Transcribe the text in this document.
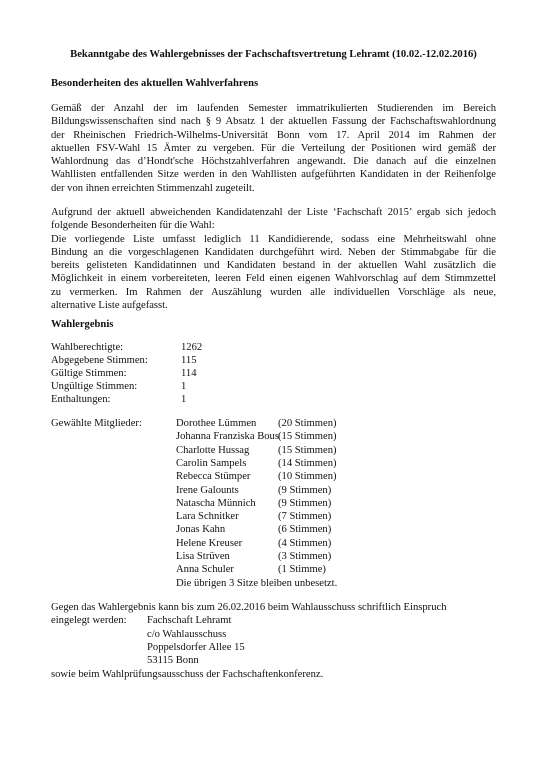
Bekanntgabe des Wahlergebnisses der Fachschaftsvertretung Lehramt (10.02.-12.02.2016)
Besonderheiten des aktuellen Wahlverfahrens
Gemäß der Anzahl der im laufenden Semester immatrikulierten Studierenden im Bereich
Bildungswissenschaften sind nach § 9 Absatz 1 der aktuellen Fassung der Fachschaftswahlordnung
der Rheinischen Friedrich-Wilhelms-Universität Bonn vom 17. April 2014 im Rahmen der
aktuellen FSV-Wahl 15 Ämter zu vergeben. Für die Verteilung der Positionen wird gemäß der
Wahlordnung das d’Hondt'sche Höchstzahlverfahren angewandt. Die danach auf die einzelnen
Wahllisten entfallenden Sitze werden in den Wahllisten aufgeführten Kandidaten in der Reihenfolge
der von ihnen erreichten Stimmenzahl zugeteilt.
Aufgrund der aktuell abweichenden Kandidatenzahl der Liste ‘Fachschaft 2015’ ergab sich jedoch
folgende Besonderheiten für die Wahl:
Die vorliegende Liste umfasst lediglich 11 Kandidierende, sodass eine Mehrheitswahl ohne
Bindung an die vorgeschlagenen Kandidaten durchgeführt wird. Neben der Stimmabgabe für die
bereits gelisteten Kandidatinnen und Kandidaten bestand in der aktuellen Wahl zusätzlich die
Möglichkeit in einem vorbereiteten, leeren Feld einen eigenen Wahlvorschlag auf dem Stimmzettel
zu vermerken. Im Rahmen der Auszählung wurden alle individuellen Vorschläge als neue,
alternative Liste aufgefasst.
Wahlergebnis
Wahlberechtigte:	1262
Abgegebene Stimmen:	115
Gültige Stimmen:	114
Ungültige Stimmen:	1
Enthaltungen:	1
Gewählte Mitglieder:	Dorothee Lümmen (20 Stimmen)
Johanna Franziska Bous (15 Stimmen)
Charlotte Hussag	(15 Stimmen)
Carolin Sampels	(14 Stimmen)
Rebecca Stümper	(10 Stimmen)
Irene Galounts	(9 Stimmen)
Natascha Münnich (9 Stimmen)
Lara Schnitker	(7 Stimmen)
Jonas Kahn	(6 Stimmen)
Helene Kreuser	(4 Stimmen)
Lisa Strüven	(3 Stimmen)
Anna Schuler	(1 Stimme)
Die übrigen 3 Sitze bleiben unbesetzt.
Gegen das Wahlergebnis kann bis zum 26.02.2016 beim Wahlausschuss schriftlich Einspruch
eingelegt werden: Fachschaft Lehramt
c/o Wahlausschuss
Poppelsdorfer Allee 15
53115 Bonn
sowie beim Wahlprüfungsausschuss der Fachschaftenkonferenz.
